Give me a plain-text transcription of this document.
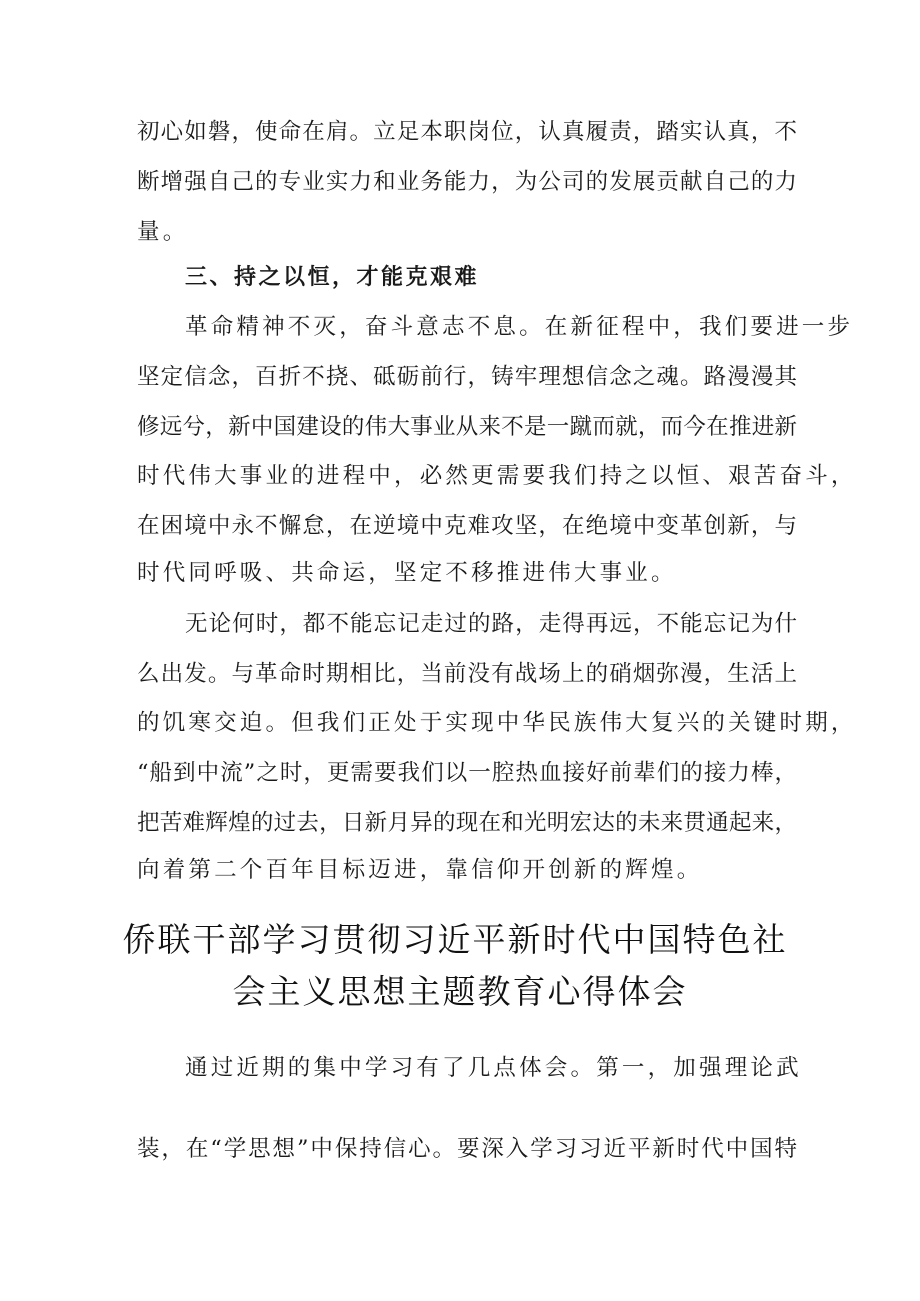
初心如磐，使命在肩。立足本职岗位，认真履责，踏实认真，不
断增强自己的专业实力和业务能力，为公司的发展贡献自己的力
量。
三、持之以恒，才能克艰难
革命精神不灭，奋斗意志不息。在新征程中，我们要进一步
坚定信念，百折不挠、砥砺前行，铸牢理想信念之魂。路漫漫其
修远兮，新中国建设的伟大事业从来不是一蹴而就，而今在推进新
时代伟大事业的进程中，必然更需要我们持之以恒、艰苦奋斗，
在困境中永不懈怠，在逆境中克难攻坚，在绝境中变革创新，与
时代同呼吸、共命运，坚定不移推进伟大事业。
无论何时，都不能忘记走过的路，走得再远，不能忘记为什
么出发。与革命时期相比，当前没有战场上的硝烟弥漫，生活上
的饥寒交迫。但我们正处于实现中华民族伟大复兴的关键时期，
“船到中流”之时，更需要我们以一腔热血接好前辈们的接力棒，
把苦难辉煌的过去，日新月异的现在和光明宏达的未来贯通起来，
向着第二个百年目标迈进，靠信仰开创新的辉煌。
侨联干部学习贯彻习近平新时代中国特色社
会主义思想主题教育心得体会
通过近期的集中学习有了几点体会。第一，加强理论武
装，在“学思想”中保持信心。要深入学习习近平新时代中国特
